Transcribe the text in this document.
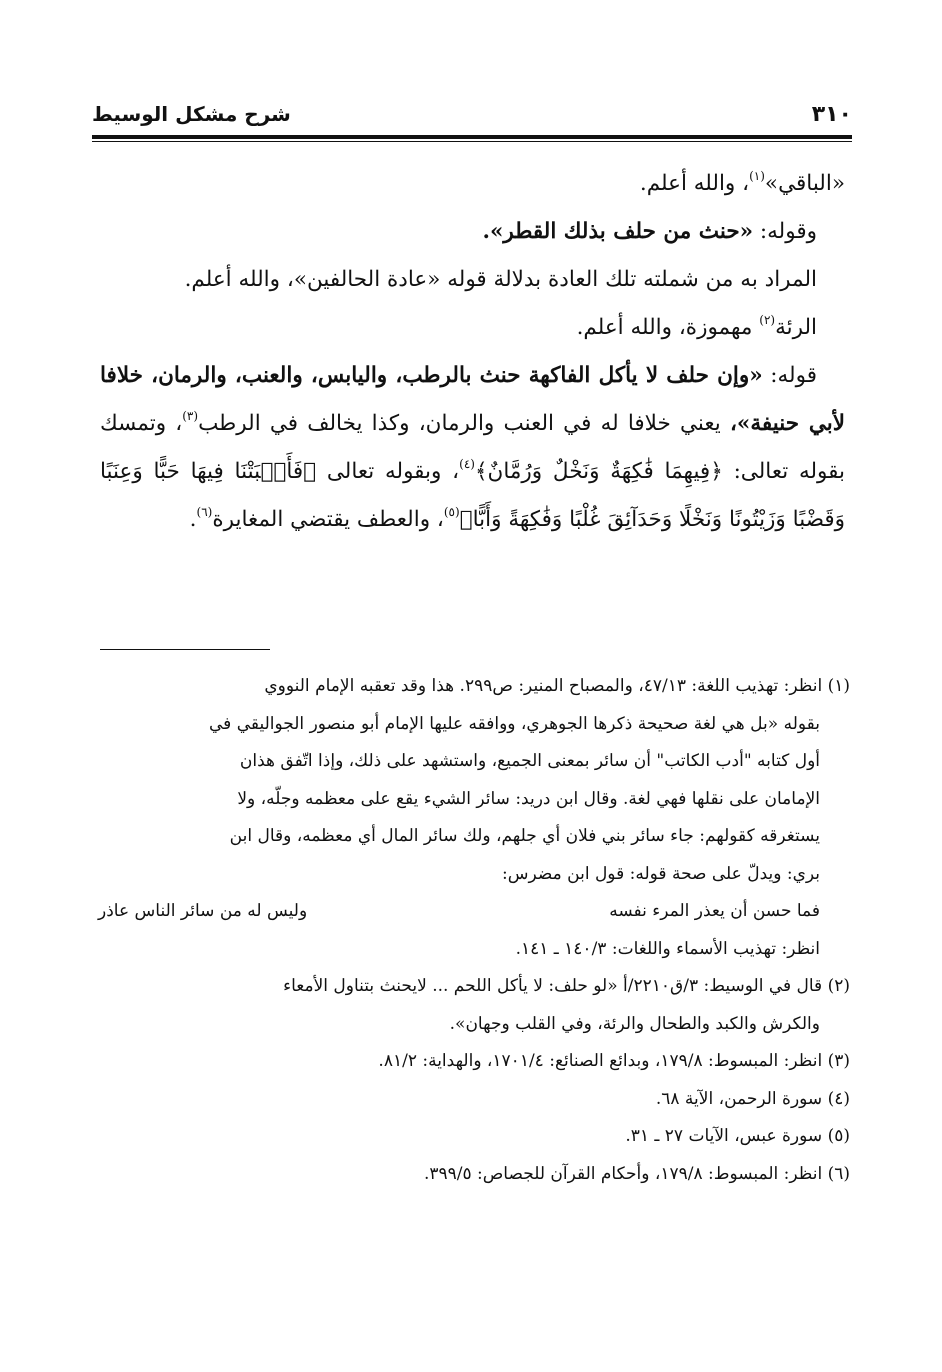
٣١٠
شرح مشكل الوسيط

«الباقي»$^{(١)}$، والله أعلم.

وقوله: «حنث من حلف بذلك القطر».

المراد به من شملته تلك العادة بدلالة قوله «عادة الحالفين»، والله أعلم.

الرئة$^{(٢)}$ مهموزة، والله أعلم.

قوله: «وإن حلف لا يأكل الفاكهة حنث بالرطب، واليابس، والعنب، والرمان، خلافا لأبي حنيفة»، يعني خلافا له في العنب والرمان، وكذا يخالف في الرطب$^{(٣)}$، وتمسك بقوله تعالى: ﴿فِيهِمَا فَٰكِهَةٌ وَنَخْلٌ وَرُمَّانٌ﴾$^{(٤)}$، وبقوله تعالى ﴿فَأَنۢبَتْنَا فِيهَا حَبًّا وَعِنَبًا وَقَضْبًا وَزَيْتُونًا وَنَخْلًا وَحَدَآئِقَ غُلْبًا وَفَٰكِهَةً وَأَبًّا﴾$^{(٥)}$، والعطف يقتضي المغايرة$^{(٦)}$.

(١) انظر: تهذيب اللغة: ٤٧/١٣، والمصباح المنير: ص٢٩٩. هذا وقد تعقبه الإمام النووي

بقوله «بل هي لغة صحيحة ذكرها الجوهري، ووافقه عليها الإمام أبو منصور الجواليقي في

أول كتابه "أدب الكاتب" أن سائر بمعنى الجميع، واستشهد على ذلك، وإذا اتّفق هذان

الإمامان على نقلها فهي لغة. وقال ابن دريد: سائر الشيء يقع على معظمه وجلّه، ولا

يستغرقه كقولهم: جاء سائر بني فلان أي جلهم، ولك سائر المال أي معظمه، وقال ابن

بري: ويدلّ على صحة قوله: قول ابن مضرس:

فما حسن أن يعذر المرء نفسه
وليس له من سائر الناس عاذر

انظر: تهذيب الأسماء واللغات: ١٤٠/٣ ـ ١٤١.

(٢) قال في الوسيط: ٣/ق٢٢١٠/أ «لو حلف: لا يأكل اللحم ... لايحنث بتناول الأمعاء

والكرش والكبد والطحال والرئة، وفي القلب وجهان».

(٣) انظر: المبسوط: ١٧٩/٨، وبدائع الصنائع: ١٧٠١/٤، والهداية: ٨١/٢.

(٤) سورة الرحمن، الآية ٦٨.

(٥) سورة عبس، الآيات ٢٧ ـ ٣١.

(٦) انظر: المبسوط: ١٧٩/٨، وأحكام القرآن للجصاص: ٣٩٩/٥.
